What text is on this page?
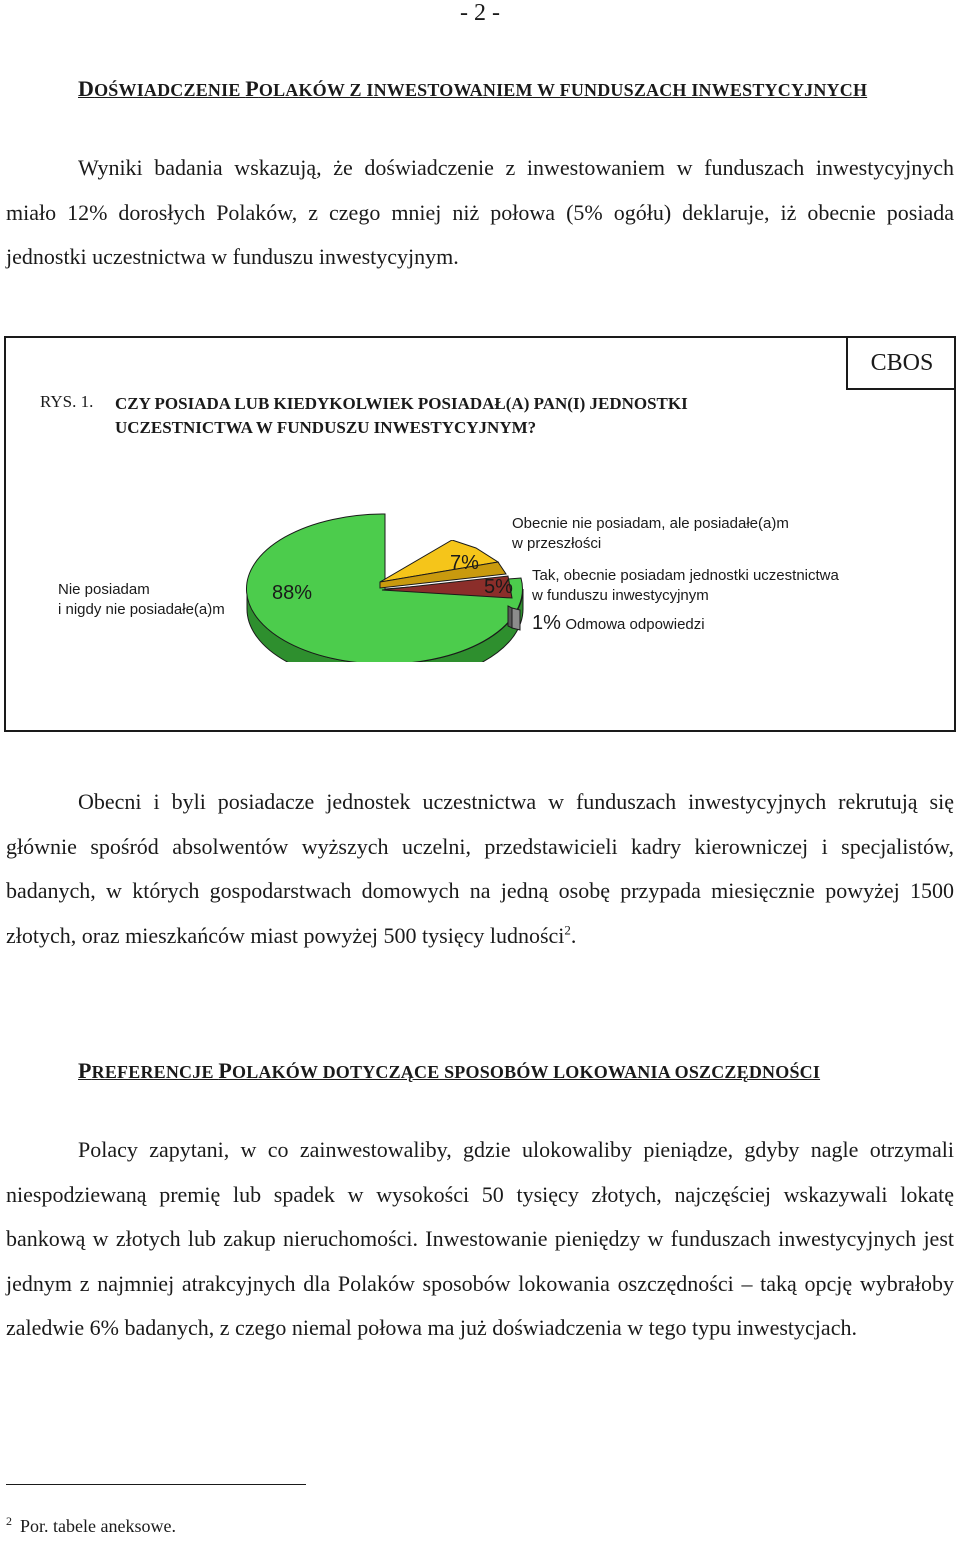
- 2 -
DOŚWIADCZENIE POLAKÓW Z INWESTOWANIEM W FUNDUSZACH INWESTYCYJNYCH

Wyniki badania wskazują, że doświadczenie z inwestowaniem w funduszach inwestycyjnych miało 12% dorosłych Polaków, z czego mniej niż połowa (5% ogółu) deklaruje, iż obecnie posiada jednostki uczestnictwa w funduszu inwestycyjnym.

CBOS
RYS. 1. CZY POSIADA LUB KIEDYKOLWIEK POSIADAŁ(A) PAN(I) JEDNOSTKI
UCZESTNICTWA W FUNDUSZU INWESTYCYJNYM?
Nie posiadam
i nigdy nie posiadałe(a)m
88%
Obecnie nie posiadam, ale posiadałe(a)m
w przeszłości
7%
Tak, obecnie posiadam jednostki uczestnictwa
w funduszu inwestycyjnym
5%
1% Odmowa odpowiedzi

Obecni i byli posiadacze jednostek uczestnictwa w funduszach inwestycyjnych rekrutują się głównie spośród absolwentów wyższych uczelni, przedstawicieli kadry kierowniczej i specjalistów, badanych, w których gospodarstwach domowych na jedną osobę przypada miesięcznie powyżej 1500 złotych, oraz mieszkańców miast powyżej 500 tysięcy ludności$^2$.

PREFERENCJE POLAKÓW DOTYCZĄCE SPOSOBÓW LOKOWANIA OSZCZĘDNOŚCI

Polacy zapytani, w co zainwestowaliby, gdzie ulokowaliby pieniądze, gdyby nagle otrzymali niespodziewaną premię lub spadek w wysokości 50 tysięcy złotych, najczęściej wskazywali lokatę bankową w złotych lub zakup nieruchomości. Inwestowanie pieniędzy w funduszach inwestycyjnych jest jednym z najmniej atrakcyjnych dla Polaków sposobów lokowania oszczędności – taką opcję wybrałoby zaledwie 6% badanych, z czego niemal połowa ma już doświadczenia w tego typu inwestycjach.

$^2$ Por. tabele aneksowe.
